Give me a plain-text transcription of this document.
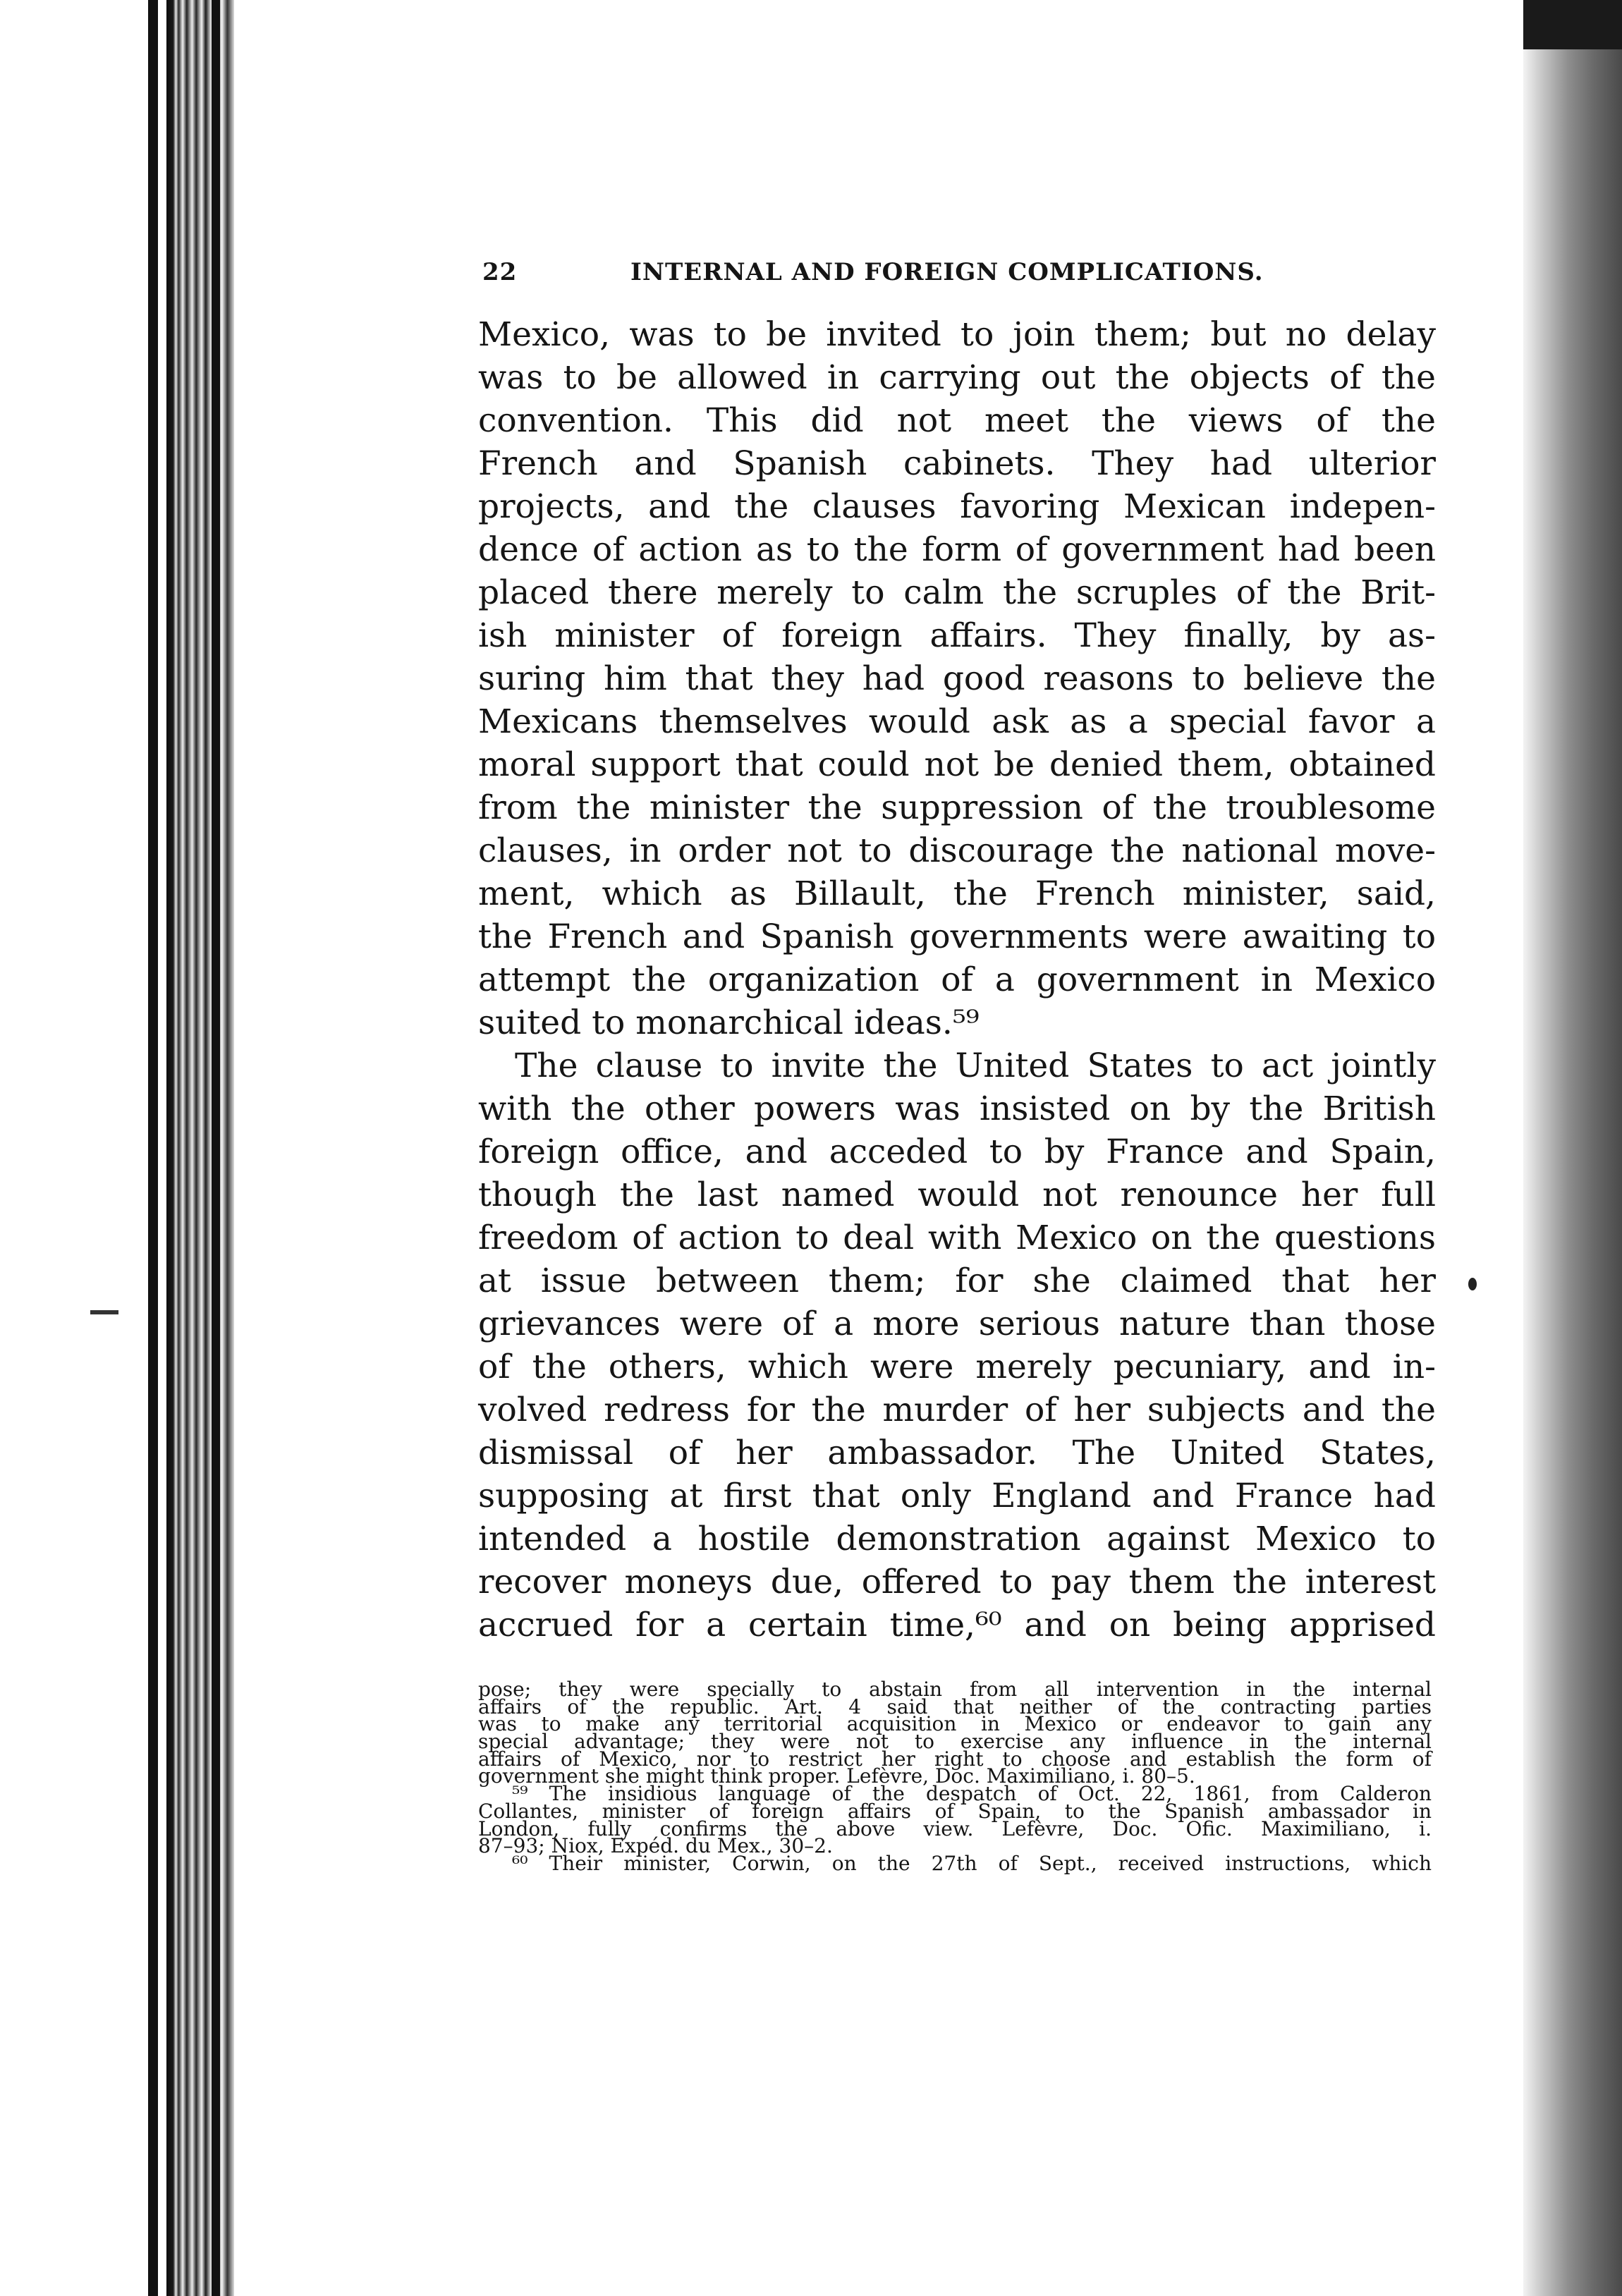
22	INTERNAL AND FOREIGN COMPLICATIONS.
Mexico, was to be invited to join them; but no delay
was to be allowed in carrying out the objects of the
convention. This did not meet the views of the
French and Spanish cabinets. They had ulterior
projects, and the clauses favoring Mexican indepen-
dence of action as to the form of government had been
placed there merely to calm the scruples of the Brit-
ish minister of foreign affairs. They finally, by as-
suring him that they had good reasons to believe the
Mexicans themselves would ask as a special favor a
moral support that could not be denied them, obtained
from the minister the suppression of the troublesome
clauses, in order not to discourage the national move-
ment, which as Billault, the French minister, said,
the French and Spanish governments were awaiting to
attempt the organization of a government in Mexico
suited to monarchical ideas.⁵⁹
The clause to invite the United States to act jointly
with the other powers was insisted on by the British
foreign office, and acceded to by France and Spain,
though the last named would not renounce her full
freedom of action to deal with Mexico on the questions
at issue between them; for she claimed that her
grievances were of a more serious nature than those
of the others, which were merely pecuniary, and in-
volved redress for the murder of her subjects and the
dismissal of her ambassador. The United States,
supposing at first that only England and France had
intended a hostile demonstration against Mexico to
recover moneys due, offered to pay them the interest
accrued for a certain time,⁶⁰ and on being apprised
pose; they were specially to abstain from all intervention in the internal
affairs of the republic. Art. 4 said that neither of the contracting parties
was to make any territorial acquisition in Mexico or endeavor to gain any
special advantage; they were not to exercise any influence in the internal
affairs of Mexico, nor to restrict her right to choose and establish the form of
government she might think proper. Lefèvre, Doc. Maximiliano, i. 80–5.
⁵⁹ The insidious language of the despatch of Oct. 22, 1861, from Calderon
Collantes, minister of foreign affairs of Spain, to the Spanish ambassador in
London, fully confirms the above view. Lefèvre, Doc. Ofic. Maximiliano, i.
87–93; Niox, Expéd. du Mex., 30–2.
⁶⁰ Their minister, Corwin, on the 27th of Sept., received instructions, which
